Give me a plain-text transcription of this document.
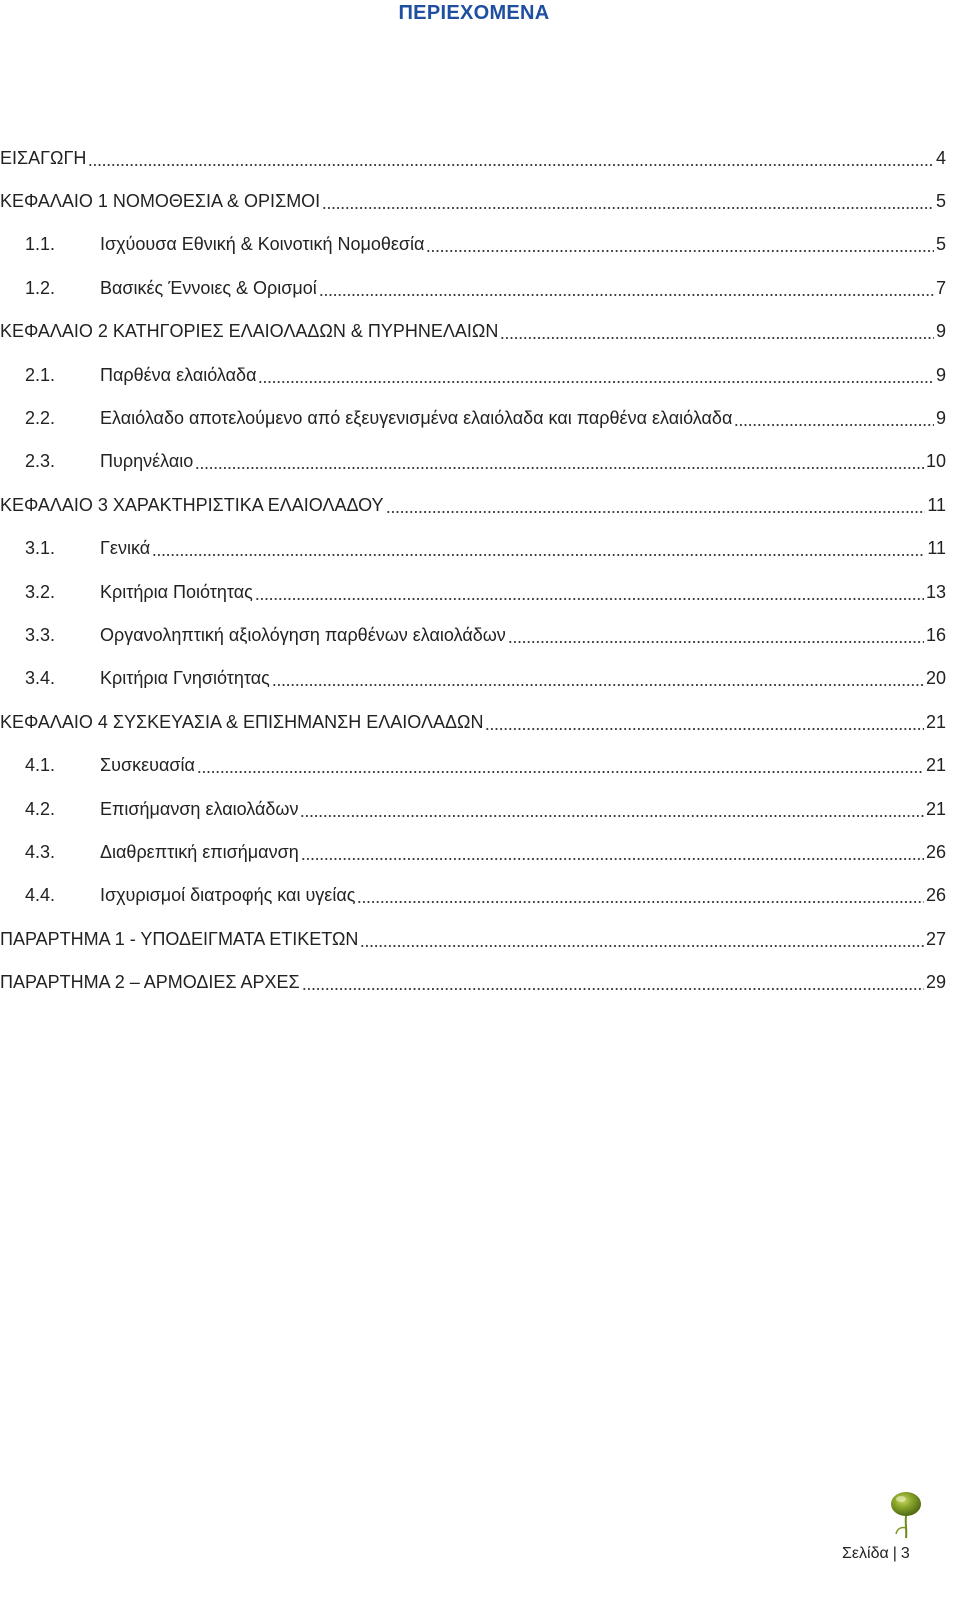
ΠΕΡΙΕΧΟΜΕΝΑ
ΕΙΣΑΓΩΓΗ	4
ΚΕΦΑΛΑΙΟ 1 ΝΟΜΟΘΕΣΙΑ & ΟΡΙΣΜΟΙ	5
1.1.	Ισχύουσα Εθνική & Κοινοτική Νομοθεσία	5
1.2.	Βασικές Έννοιες & Ορισμοί	7
ΚΕΦΑΛΑΙΟ 2 ΚΑΤΗΓΟΡΙΕΣ ΕΛΑΙΟΛΑΔΩΝ & ΠΥΡΗΝΕΛΑΙΩΝ	9
2.1.	Παρθένα ελαιόλαδα	9
2.2.	Ελαιόλαδο αποτελούμενο από εξευγενισμένα ελαιόλαδα και παρθένα ελαιόλαδα	9
2.3.	Πυρηνέλαιο	10
ΚΕΦΑΛΑΙΟ 3 ΧΑΡΑΚΤΗΡΙΣΤΙΚΑ ΕΛΑΙΟΛΑΔΟΥ	11
3.1.	Γενικά	11
3.2.	Κριτήρια Ποιότητας	13
3.3.	Οργανοληπτική αξιολόγηση παρθένων ελαιολάδων	16
3.4.	Κριτήρια Γνησιότητας	20
ΚΕΦΑΛΑΙΟ 4 ΣΥΣΚΕΥΑΣΙΑ & ΕΠΙΣΗΜΑΝΣΗ ΕΛΑΙΟΛΑΔΩΝ	21
4.1.	Συσκευασία	21
4.2.	Επισήμανση ελαιολάδων	21
4.3.	Διαθρεπτική επισήμανση	26
4.4.	Ισχυρισμοί διατροφής και υγείας	26
ΠΑΡΑΡΤΗΜΑ 1 - ΥΠΟΔΕΙΓΜΑΤΑ ΕΤΙΚΕΤΩΝ	27
ΠΑΡΑΡΤΗΜΑ 2 – ΑΡΜΟΔΙΕΣ ΑΡΧΕΣ	29
Σελίδα | 3
